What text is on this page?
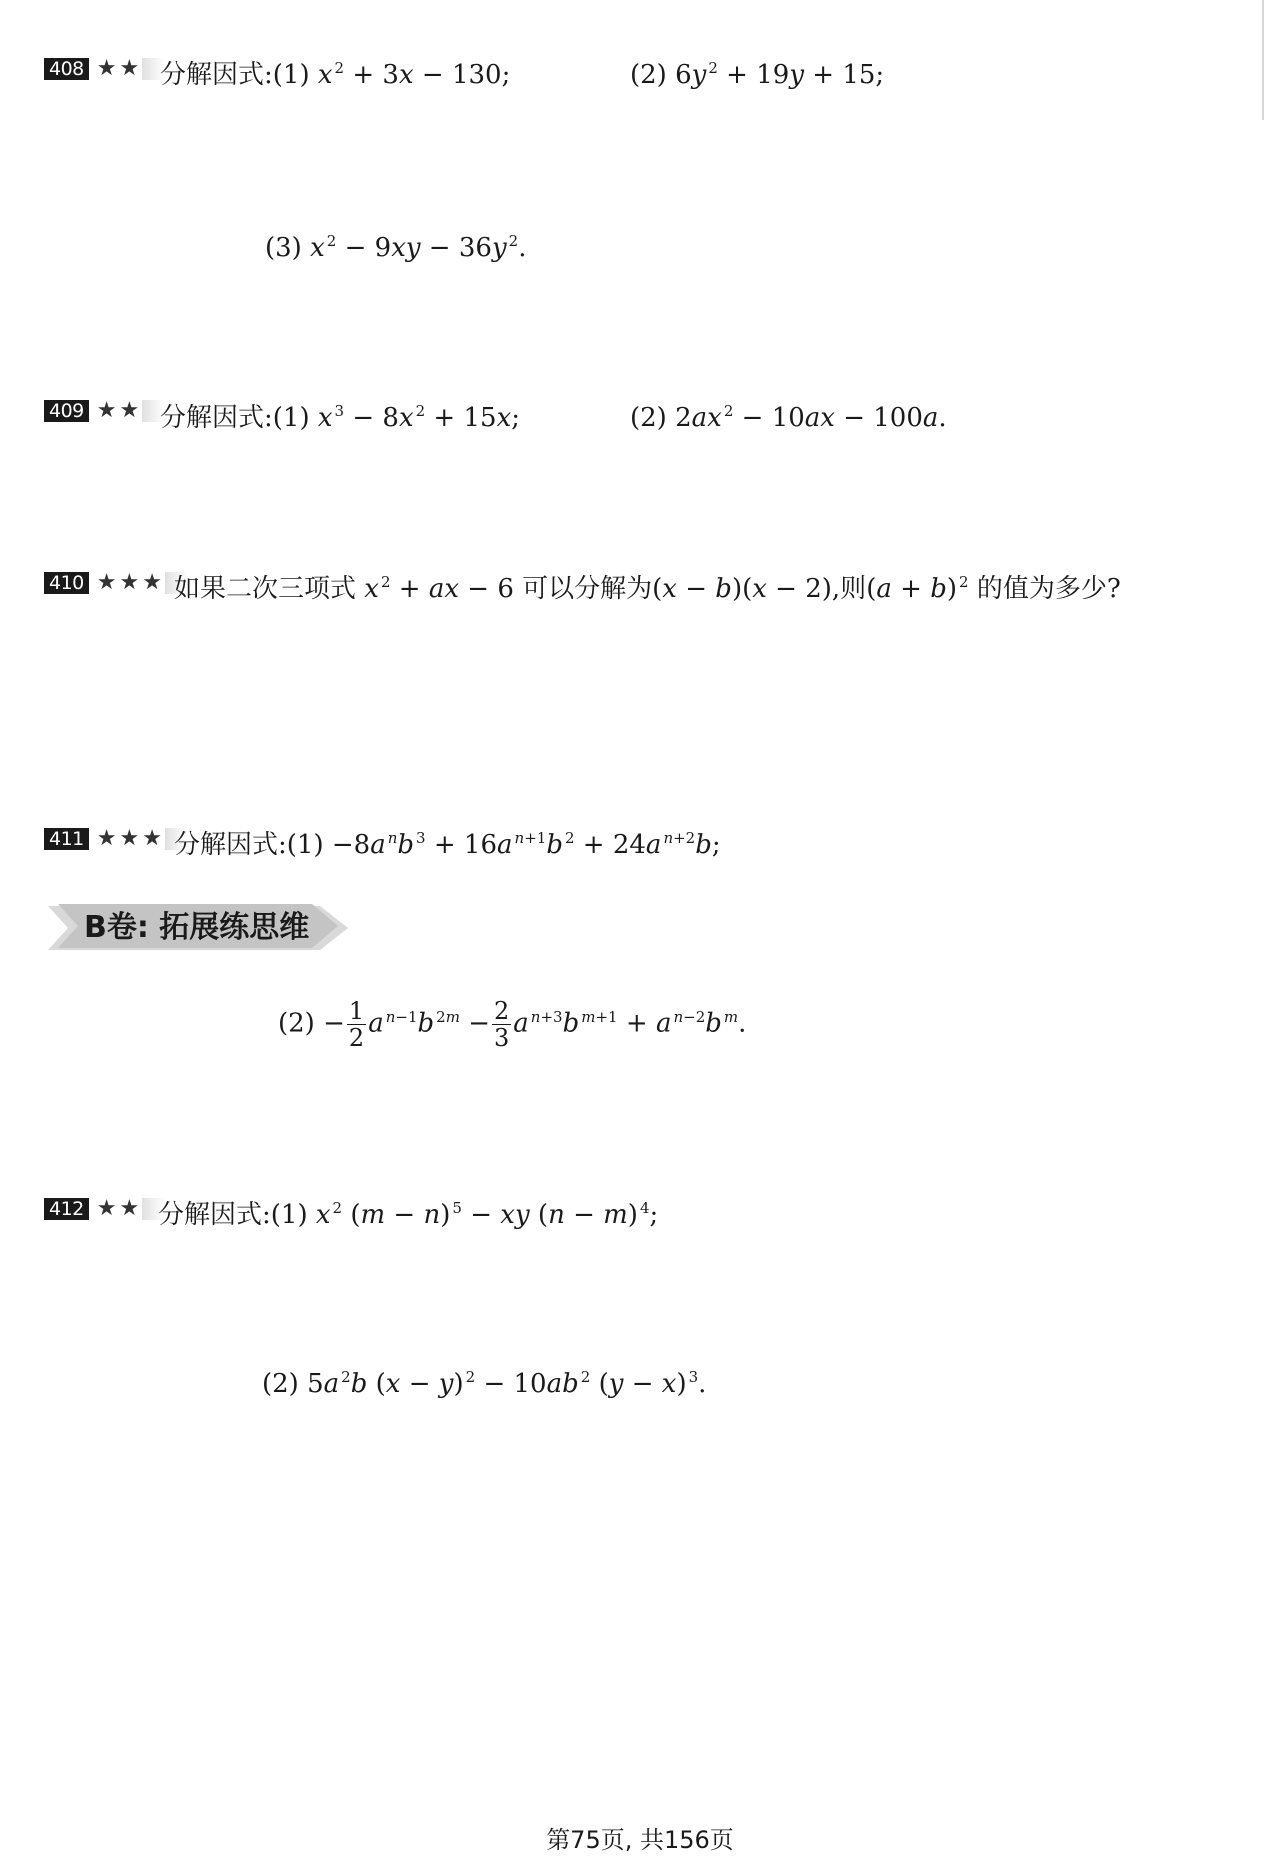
408 ★★ 分解因式:(1) x $^2$ + 3x − 130;	(2) 6y $^2$ + 19y + 15;
(3) x $^2$ − 9xy − 36y $^2$.
409 ★★ 分解因式:(1) x $^3$ − 8x $^2$ + 15x;	(2) 2ax $^2$ − 10ax − 100a.
410 ★★★ 如果二次三项式 x $^2$ + ax − 6 可以分解为(x − b)(x − 2),则(a + b) $^2$ 的值为多少?
B卷: 拓展练思维
411 ★★★ 分解因式:(1) −8a $^n$b $^3$ + 16a $^{n+1}$b $^2$ + 24a $^{n+2}$b;
$(2) - \frac{1}{2}$ a $^{n-1}$b $^{2m} - \frac{2}{3}$ a $^{n+3}$b $^{m+1}$ + a $^{n-2}$b $^m$.
412 ★★ 分解因式:(1) x $^2$ (m − n) $^5$ − xy (n − m) $^4$;
(2) 5a $^2$b (x − y) $^2$ − 10ab $^2$ (y − x) $^3$.
第75页, 共156页
